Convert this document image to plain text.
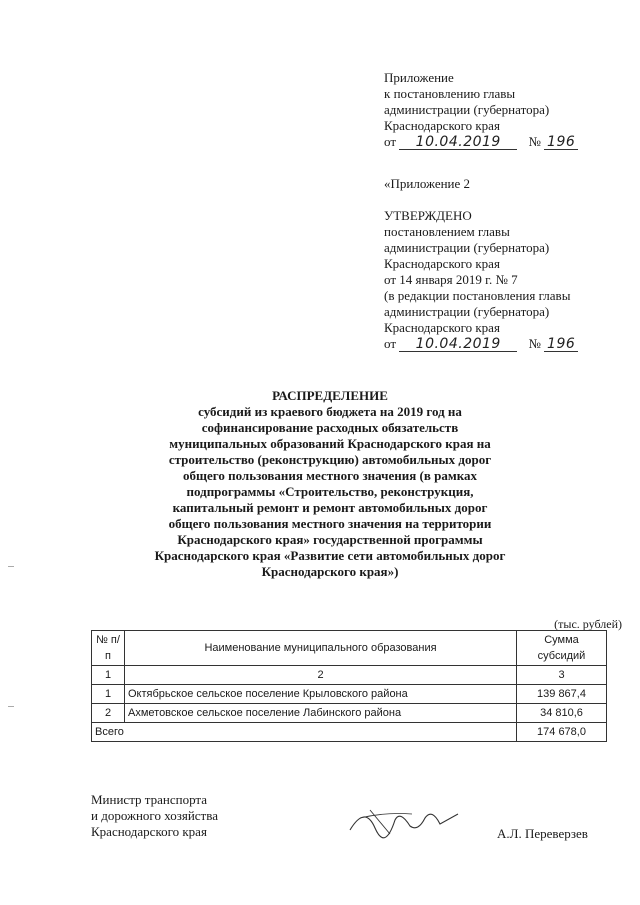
Приложение
к постановлению главы
администрации (губернатора)
Краснодарского края
от 10.04.2019 № 196
«Приложение 2
УТВЕРЖДЕНО
постановлением главы
администрации (губернатора)
Краснодарского края
от 14 января 2019 г. № 7
(в редакции постановления главы
администрации (губернатора)
Краснодарского края
от 10.04.2019 № 196
РАСПРЕДЕЛЕНИЕ
субсидий из краевого бюджета на 2019 год на
софинансирование расходных обязательств
муниципальных образований Краснодарского края на
строительство (реконструкцию) автомобильных дорог
общего пользования местного значения (в рамках
подпрограммы «Строительство, реконструкция,
капитальный ремонт и ремонт автомобильных дорог
общего пользования местного значения на территории
Краснодарского края» государственной программы
Краснодарского края «Развитие сети автомобильных дорог
Краснодарского края»)
(тыс. рублей)
№ п/п	Наименование муниципального образования	Сумма субсидий
1	2	3
1	Октябрьское сельское поселение Крыловского района	139 867,4
2	Ахметовское сельское поселение Лабинского района	34 810,6
Всего		174 678,0
Министр транспорта
и дорожного хозяйства
Краснодарского края	А.Л. Переверзев
